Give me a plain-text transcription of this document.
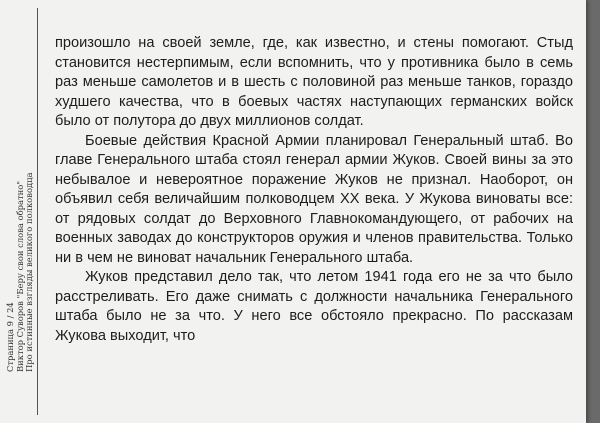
Страница 9 / 24 Виктор Суворов "Беру свои слова обратно" Про истинные взгляды великого полководца

произошло на своей земле, где, как известно, и стены помогают. Стыд становится нестерпимым, если вспомнить, что у противника было в семь раз меньше самолетов и в шесть с половиной раз меньше танков, гораздо худшего качества, что в боевых частях наступающих германских войск было от полутора до двух миллионов солдат.

Боевые действия Красной Армии планировал Генеральный штаб. Во главе Генерального штаба стоял генерал армии Жуков. Своей вины за это небывалое и невероятное поражение Жуков не признал. Наоборот, он объявил себя величайшим полководцем XX века. У Жукова виноваты все: от рядовых солдат до Верховного Главнокомандующего, от рабочих на военных заводах до конструкторов оружия и членов правительства. Только ни в чем не виноват начальник Генерального штаба.

Жуков представил дело так, что летом 1941 года его не за что было расстреливать. Его даже снимать с должности начальника Генерального штаба было не за что. У него все обстояло прекрасно. По рассказам Жукова выходит, что
